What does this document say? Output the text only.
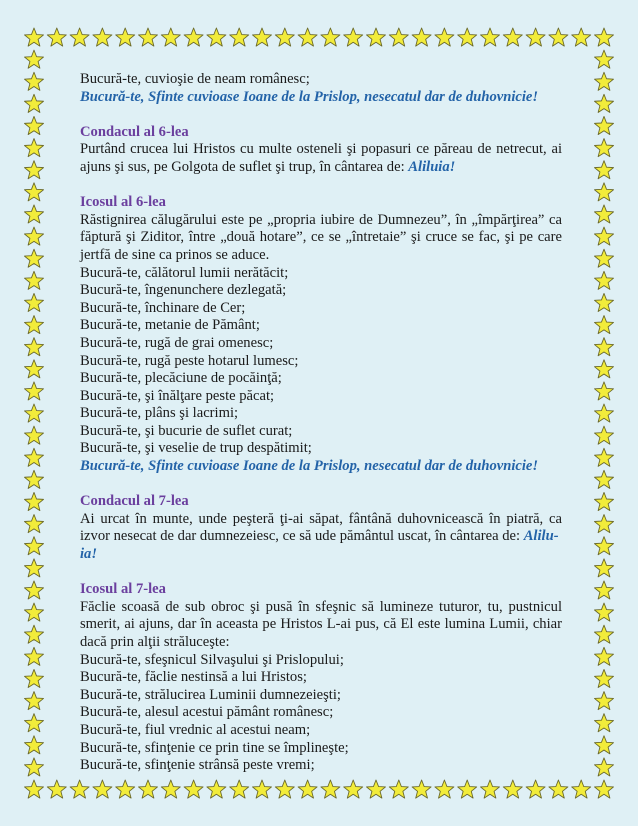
Bucură-te, cuvioşie de neam românesc;
Bucură-te, Sfinte cuvioase Ioane de la Prislop, nesecatul dar de duhovnicie!
Condacul al 6-lea
Purtând crucea lui Hristos cu multe osteneli şi popasuri ce păreau de netrecut, ai ajuns şi sus, pe Golgota de suflet şi trup, în cântarea de: Aliluia!
Icosul al 6-lea
Răstignirea călugărului este pe „propria iubire de Dumnezeu”, în „împărţirea” ca făptură şi Ziditor, între „două hotare”, ce se „întretaie” şi cruce se fac, şi pe care jertfă de sine ca prinos se aduce.
Bucură-te, călătorul lumii nerătăcit;
Bucură-te, îngenunchere dezlegată;
Bucură-te, închinare de Cer;
Bucură-te, metanie de Pământ;
Bucură-te, rugă de grai omenesc;
Bucură-te, rugă peste hotarul lumesc;
Bucură-te, plecăciune de pocăinţă;
Bucură-te, şi înălţare peste păcat;
Bucură-te, plâns şi lacrimi;
Bucură-te, şi bucurie de suflet curat;
Bucură-te, şi veselie de trup despătimit;
Bucură-te, Sfinte cuvioase Ioane de la Prislop, nesecatul dar de duhovnicie!
Condacul al 7-lea
Ai urcat în munte, unde peşteră ţi-ai săpat, fântână duhovnicească în piatră, ca izvor nesecat de dar dumnezeiesc, ce să ude pământul uscat, în cântarea de: Alilu-
ia!
Icosul al 7-lea
Făclie scoasă de sub obroc şi pusă în sfeşnic să lumineze tuturor, tu, pustnicul smerit, ai ajuns, dar în aceasta pe Hristos L-ai pus, că El este lumina Lumii, chiar dacă prin alţii străluceşte:
Bucură-te, sfeşnicul Silvaşului şi Prislopului;
Bucură-te, făclie nestinsă a lui Hristos;
Bucură-te, strălucirea Luminii dumnezeieşti;
Bucură-te, alesul acestui pământ românesc;
Bucură-te, fiul vrednic al acestui neam;
Bucură-te, sfinţenie ce prin tine se împlineşte;
Bucură-te, sfinţenie strânsă peste vremi;
